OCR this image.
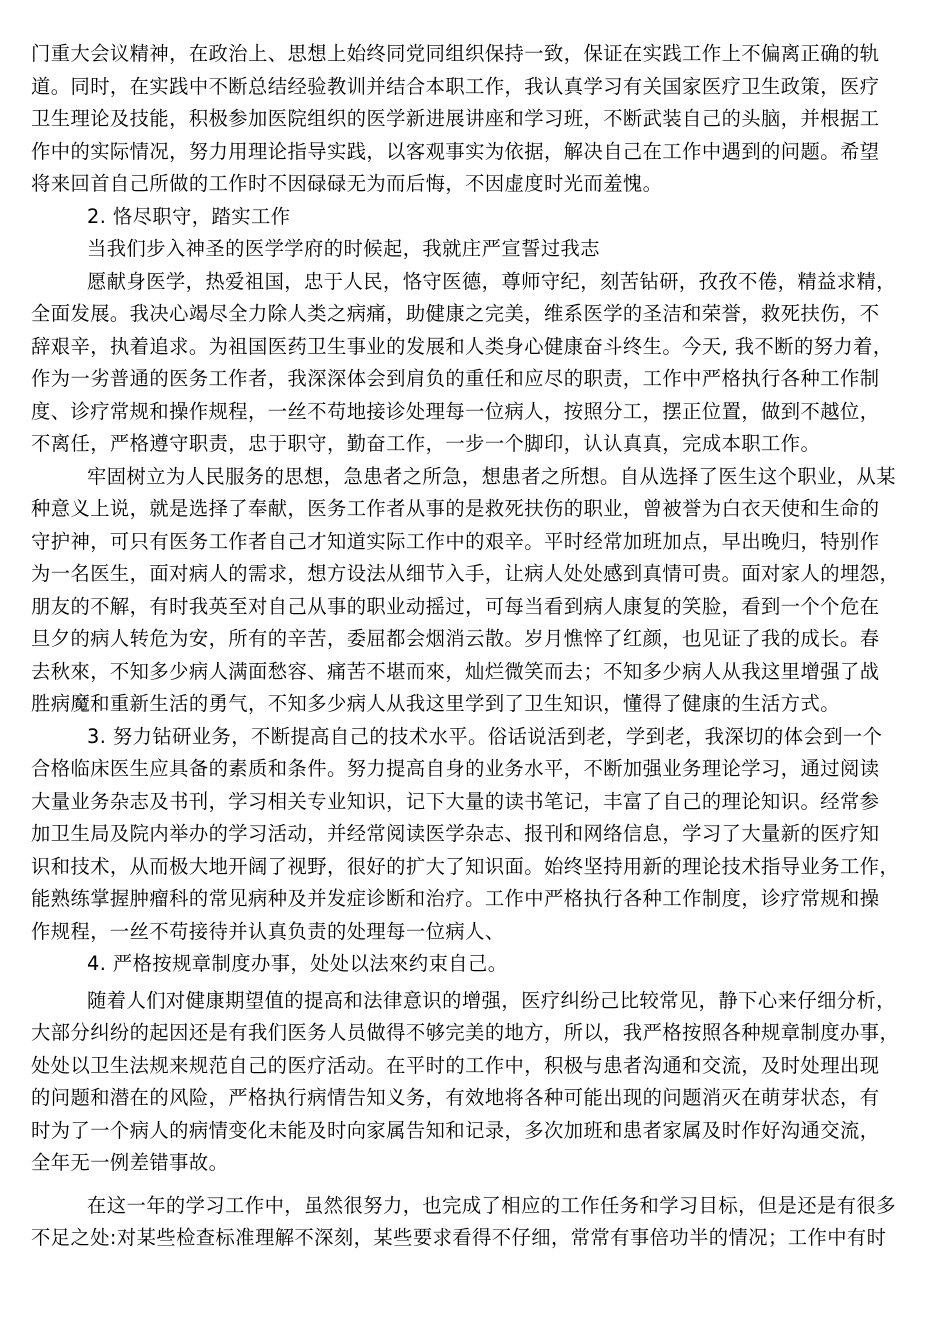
门重大会议精神，在政治上、思想上始终同党同组织保持一致，保证在实践工作上不偏离正确的轨
道。同时，在实践中不断总结经验教训并结合本职工作，我认真学习有关国家医疗卫生政策，医疗
卫生理论及技能，积极参加医院组织的医学新进展讲座和学习班，不断武装自己的头脑，并根据工
作中的实际情况，努力用理论指导实践，以客观事实为依据，解决自己在工作中遇到的问题。希望
将来回首自己所做的工作时不因碌碌无为而后悔，不因虚度时光而羞愧。
2. 恪尽职守，踏实工作
当我们步入神圣的医学学府的时候起，我就庄严宣誓过我志
愿献身医学，热爱祖国，忠于人民，恪守医德，尊师守纪，刻苦钻研，孜孜不倦，精益求精，
全面发展。我决心竭尽全力除人类之病痛，助健康之完美，维系医学的圣洁和荣誉，救死扶伤，不
辞艰辛，执着追求。为祖国医药卫生事业的发展和人类身心健康奋斗终生。今天, 我不断的努力着，
作为一劣普通的医务工作者，我深深体会到肩负的重任和应尽的职责，工作中严格执行各种工作制
度、诊疗常规和操作规程，一丝不苟地接诊处理每一位病人，按照分工，摆正位置，做到不越位，
不离任，严格遵守职责，忠于职守，勤奋工作，一步一个脚印，认认真真，完成本职工作。
牢固树立为人民服务的思想，急患者之所急，想患者之所想。自从选择了医生这个职业，从某
种意义上说，就是选择了奉献，医务工作者从事的是救死扶伤的职业，曾被誉为白衣天使和生命的
守护神，可只有医务工作者自己才知道实际工作中的艰辛。平时经常加班加点，早出晚归，特别作
为一名医生，面对病人的需求，想方设法从细节入手，让病人处处感到真情可贵。面对家人的埋怨，
朋友的不解，有时我英至对自己从事的职业动摇过，可每当看到病人康复的笑脸，看到一个个危在
旦夕的病人转危为安，所有的辛苦，委屈都会烟消云散。岁月憔悴了红颜，也见证了我的成长。春
去秋來，不知多少病人满面愁容、痛苦不堪而來，灿烂微笑而去；不知多少病人从我这里增强了战
胜病魔和重新生活的勇气，不知多少病人从我这里学到了卫生知识，懂得了健康的生活方式。
3. 努力钻研业务，不断提高自己的技术水平。俗话说活到老，学到老，我深切的体会到一个
合格临床医生应具备的素质和条件。努力提高自身的业务水平，不断加强业务理论学习，通过阅读
大量业务杂志及书刊，学习相关专业知识，记下大量的读书笔记，丰富了自己的理论知识。经常参
加卫生局及院内举办的学习活动，并经常阅读医学杂志、报刊和网络信息，学习了大量新的医疗知
识和技术，从而极大地开阔了视野，很好的扩大了知识面。始终坚持用新的理论技术指导业务工作，
能熟练掌握肿瘤科的常见病种及并发症诊断和治疗。工作中严格执行各种工作制度，诊疗常规和操
作规程，一丝不苟接待并认真负责的处理每一位病人、
4. 严格按规章制度办事，处处以法來约束自己。
随着人们对健康期望值的提高和法律意识的增强，医疗纠纷己比较常见，静下心来仔细分析，
大部分纠纷的起因还是有我们医务人员做得不够完美的地方，所以，我严格按照各种规章制度办事，
处处以卫生法规来规范自己的医疗活动。在平时的工作中，积极与患者沟通和交流，及时处理出现
的问题和潜在的风险，严格执行病情告知义务，有效地将各种可能出现的问题消灭在萌芽状态，有
时为了一个病人的病情变化未能及时向家属告知和记录，多次加班和患者家属及时作好沟通交流，
全年无一例差错事故。
在这一年的学习工作中，虽然很努力，也完成了相应的工作任务和学习目标，但是还是有很多
不足之处:对某些检查标准理解不深刻，某些要求看得不仔细，常常有事倍功半的情况；工作中有时
